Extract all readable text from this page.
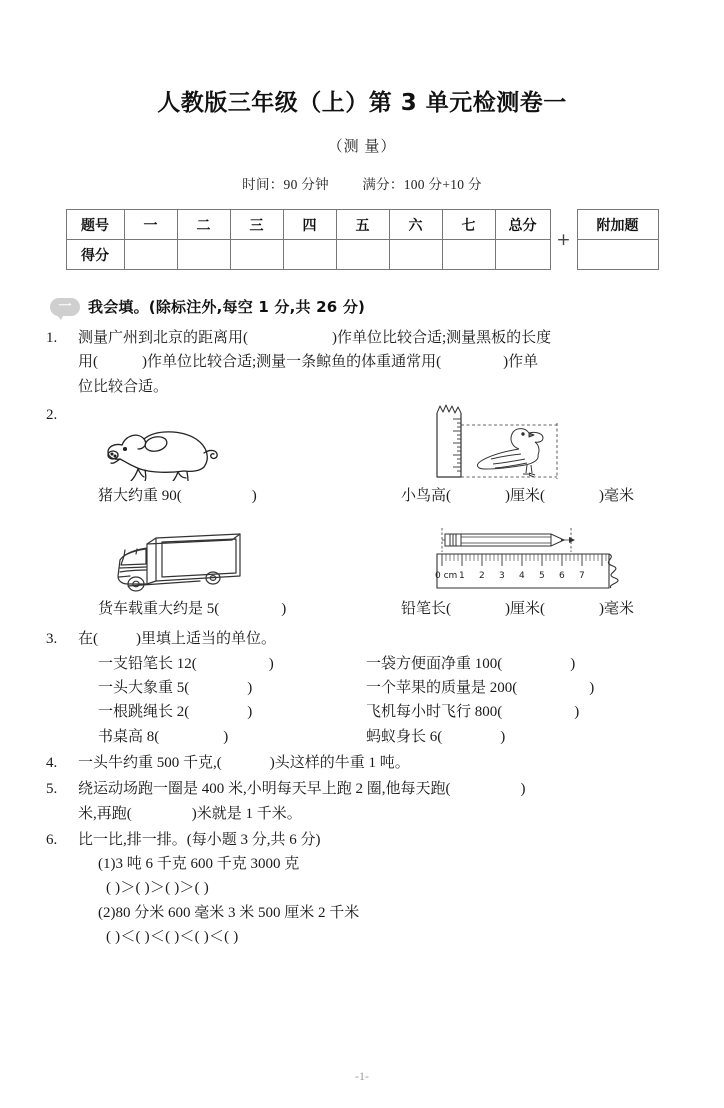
人教版三年级（上）第 3 单元检测卷一
（测 量）
时间：90 分钟 满分：100 分+10 分
题号	一	二	三	四	五	六	七	总分
得分								
+
附加题

一 我会填。(除标注外,每空 1 分,共 26 分)
1. 测量广州到北京的距离用(	)作单位比较合适;测量黑板的长度
用(	)作单位比较合适;测量一条鲸鱼的体重通常用(	)作单
位比较合适。
2.
猪大约重 90(	)	小鸟高(	)厘米(	)毫米
0 cm 1 2 3 4 5 6 7
货车载重大约是 5(	)	铅笔长(	)厘米(	)毫米
3. 在(	)里填上适当的单位。
一支铅笔长 12(	)	一袋方便面净重 100(	)
一头大象重 5(	)	一个苹果的质量是 200(	)
一根跳绳长 2(	)	飞机每小时飞行 800(	)
书桌高 8(	)	蚂蚁身长 6(	)
4. 一头牛约重 500 千克,(	)头这样的牛重 1 吨。
5. 绕运动场跑一圈是 400 米,小明每天早上跑 2 圈,他每天跑(	)
米,再跑(	)米就是 1 千米。
6. 比一比,排一排。(每小题 3 分,共 6 分)
(1)3 吨 6 千克 600 千克 3000 克
( )＞( )＞( )＞( )
(2)80 分米 600 毫米 3 米 500 厘米 2 千米
( )＜( )＜( )＜( )＜( )
-1-
